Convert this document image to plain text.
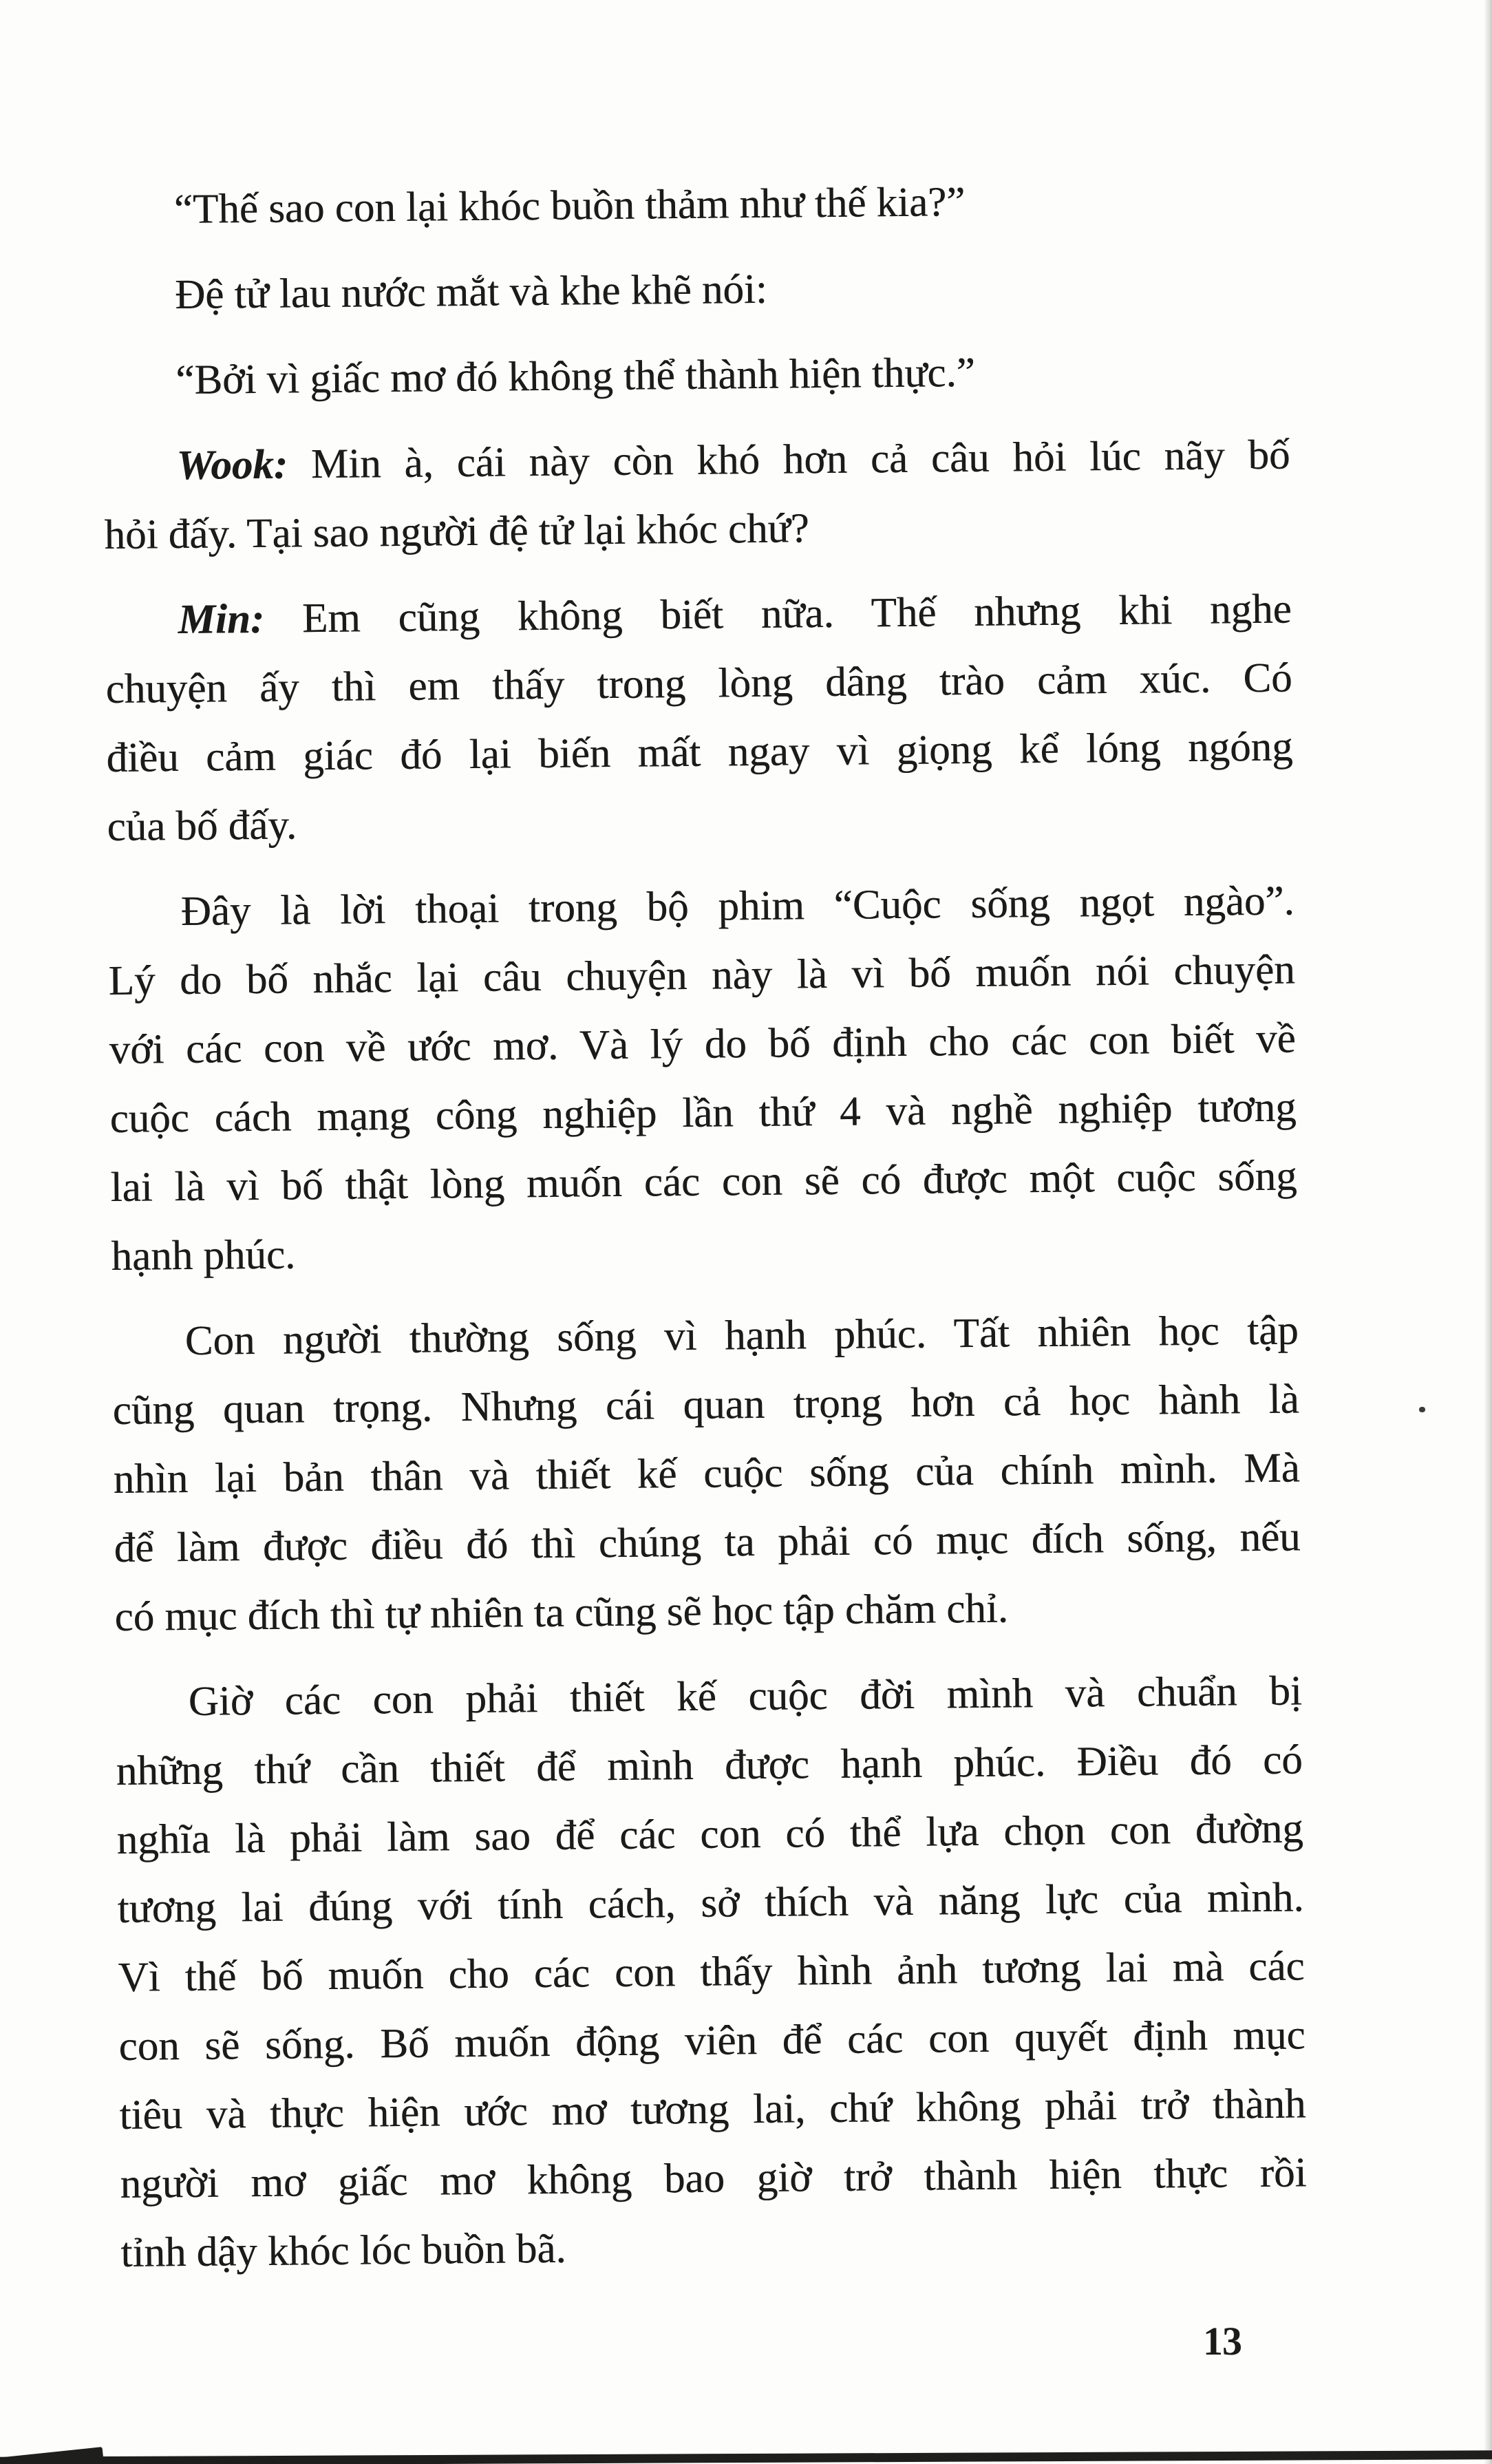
“Thế sao con lại khóc buồn thảm như thế kia?”
Đệ tử lau nước mắt và khe khẽ nói:
“Bởi vì giấc mơ đó không thể thành hiện thực.”
Wook: Min à, cái này còn khó hơn cả câu hỏi lúc nãy bố
hỏi đấy. Tại sao người đệ tử lại khóc chứ?
Min: Em cũng không biết nữa. Thế nhưng khi nghe
chuyện ấy thì em thấy trong lòng dâng trào cảm xúc. Có
điều cảm giác đó lại biến mất ngay vì giọng kể lóng ngóng
của bố đấy.
Đây là lời thoại trong bộ phim “Cuộc sống ngọt ngào”.
Lý do bố nhắc lại câu chuyện này là vì bố muốn nói chuyện
với các con về ước mơ. Và lý do bố định cho các con biết về
cuộc cách mạng công nghiệp lần thứ 4 và nghề nghiệp tương
lai là vì bố thật lòng muốn các con sẽ có được một cuộc sống
hạnh phúc.
Con người thường sống vì hạnh phúc. Tất nhiên học tập
cũng quan trọng. Nhưng cái quan trọng hơn cả học hành là
nhìn lại bản thân và thiết kế cuộc sống của chính mình. Mà
để làm được điều đó thì chúng ta phải có mục đích sống, nếu
có mục đích thì tự nhiên ta cũng sẽ học tập chăm chỉ.
Giờ các con phải thiết kế cuộc đời mình và chuẩn bị
những thứ cần thiết để mình được hạnh phúc. Điều đó có
nghĩa là phải làm sao để các con có thể lựa chọn con đường
tương lai đúng với tính cách, sở thích và năng lực của mình.
Vì thế bố muốn cho các con thấy hình ảnh tương lai mà các
con sẽ sống. Bố muốn động viên để các con quyết định mục
tiêu và thực hiện ước mơ tương lai, chứ không phải trở thành
người mơ giấc mơ không bao giờ trở thành hiện thực rồi
tỉnh dậy khóc lóc buồn bã.
13
